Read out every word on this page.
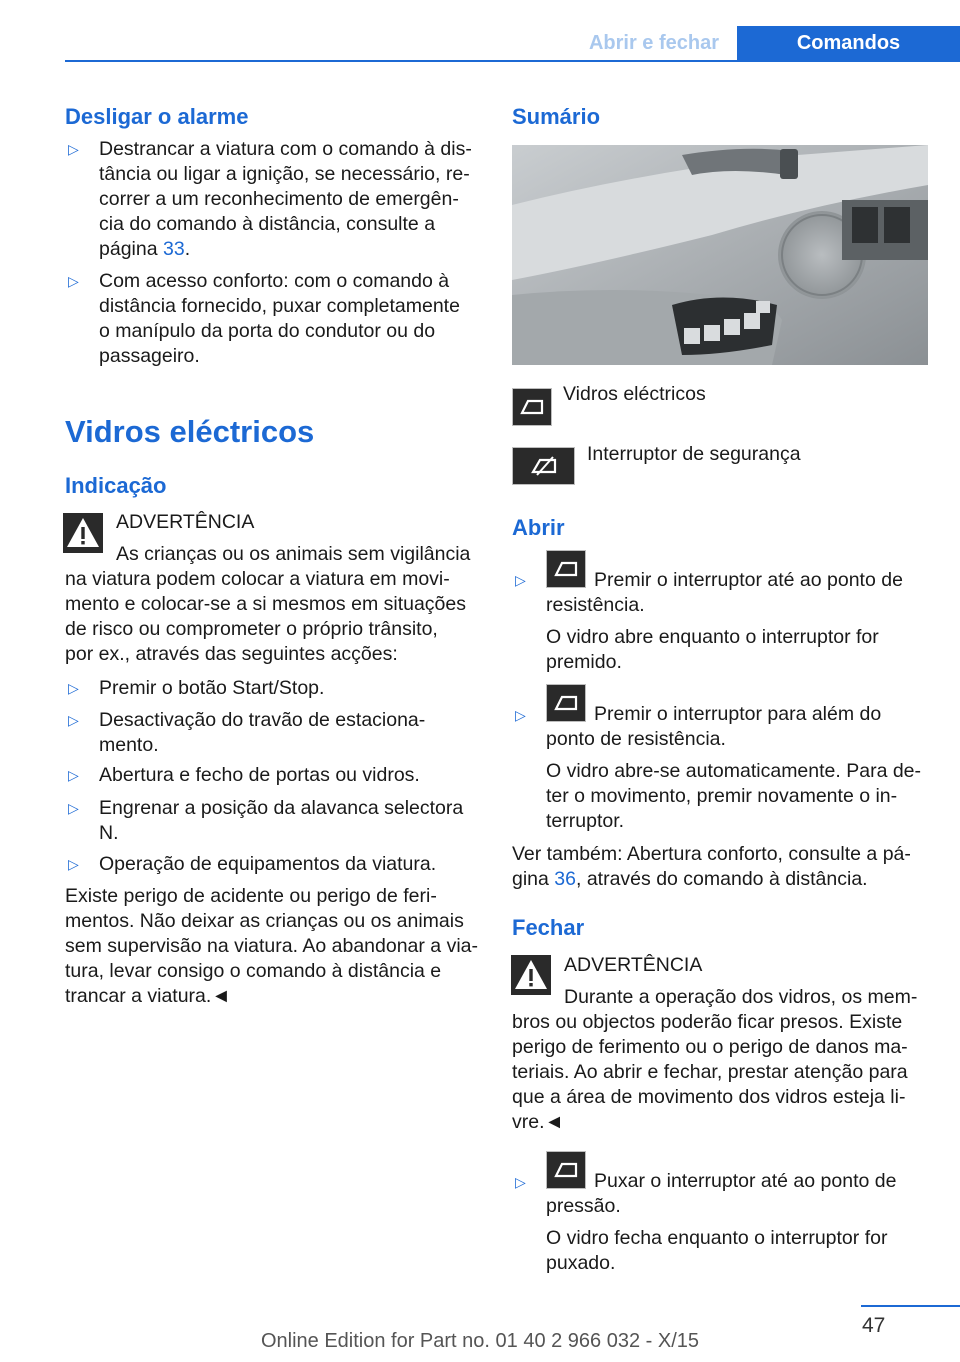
Abrir e fechar	Comandos
Desligar o alarme
▷	Destrancar a viatura com o comando à dis-
tância ou ligar a ignição, se necessário, re-
correr a um reconhecimento de emergên-
cia do comando à distância, consulte a
página 33.
▷	Com acesso conforto: com o comando à
distância fornecido, puxar completamente
o manípulo da porta do condutor ou do
passageiro.
Vidros eléctricos
Indicação
ADVERTÊNCIA
As crianças ou os animais sem vigilância
na viatura podem colocar a viatura em movi-
mento e colocar-se a si mesmos em situações
de risco ou comprometer o próprio trânsito,
por ex., através das seguintes acções:
▷	Premir o botão Start/Stop.
▷	Desactivação do travão de estaciona-
mento.
▷	Abertura e fecho de portas ou vidros.
▷	Engrenar a posição da alavanca selectora
N.
▷	Operação de equipamentos da viatura.
Existe perigo de acidente ou perigo de feri-
mentos. Não deixar as crianças ou os animais
sem supervisão na viatura. Ao abandonar a via-
tura, levar consigo o comando à distância e
trancar a viatura.◄
Sumário
Vidros eléctricos
Interruptor de segurança
Abrir
▷	Premir o interruptor até ao ponto de
resistência.
O vidro abre enquanto o interruptor for
premido.
▷	Premir o interruptor para além do
ponto de resistência.
O vidro abre-se automaticamente. Para de-
ter o movimento, premir novamente o in-
terruptor.
Ver também: Abertura conforto, consulte a pá-
gina 36, através do comando à distância.
Fechar
ADVERTÊNCIA
Durante a operação dos vidros, os mem-
bros ou objectos poderão ficar presos. Existe
perigo de ferimento ou o perigo de danos ma-
teriais. Ao abrir e fechar, prestar atenção para
que a área de movimento dos vidros esteja li-
vre.◄
▷	Puxar o interruptor até ao ponto de
pressão.
O vidro fecha enquanto o interruptor for
puxado.
47
Online Edition for Part no. 01 40 2 966 032 - X/15
